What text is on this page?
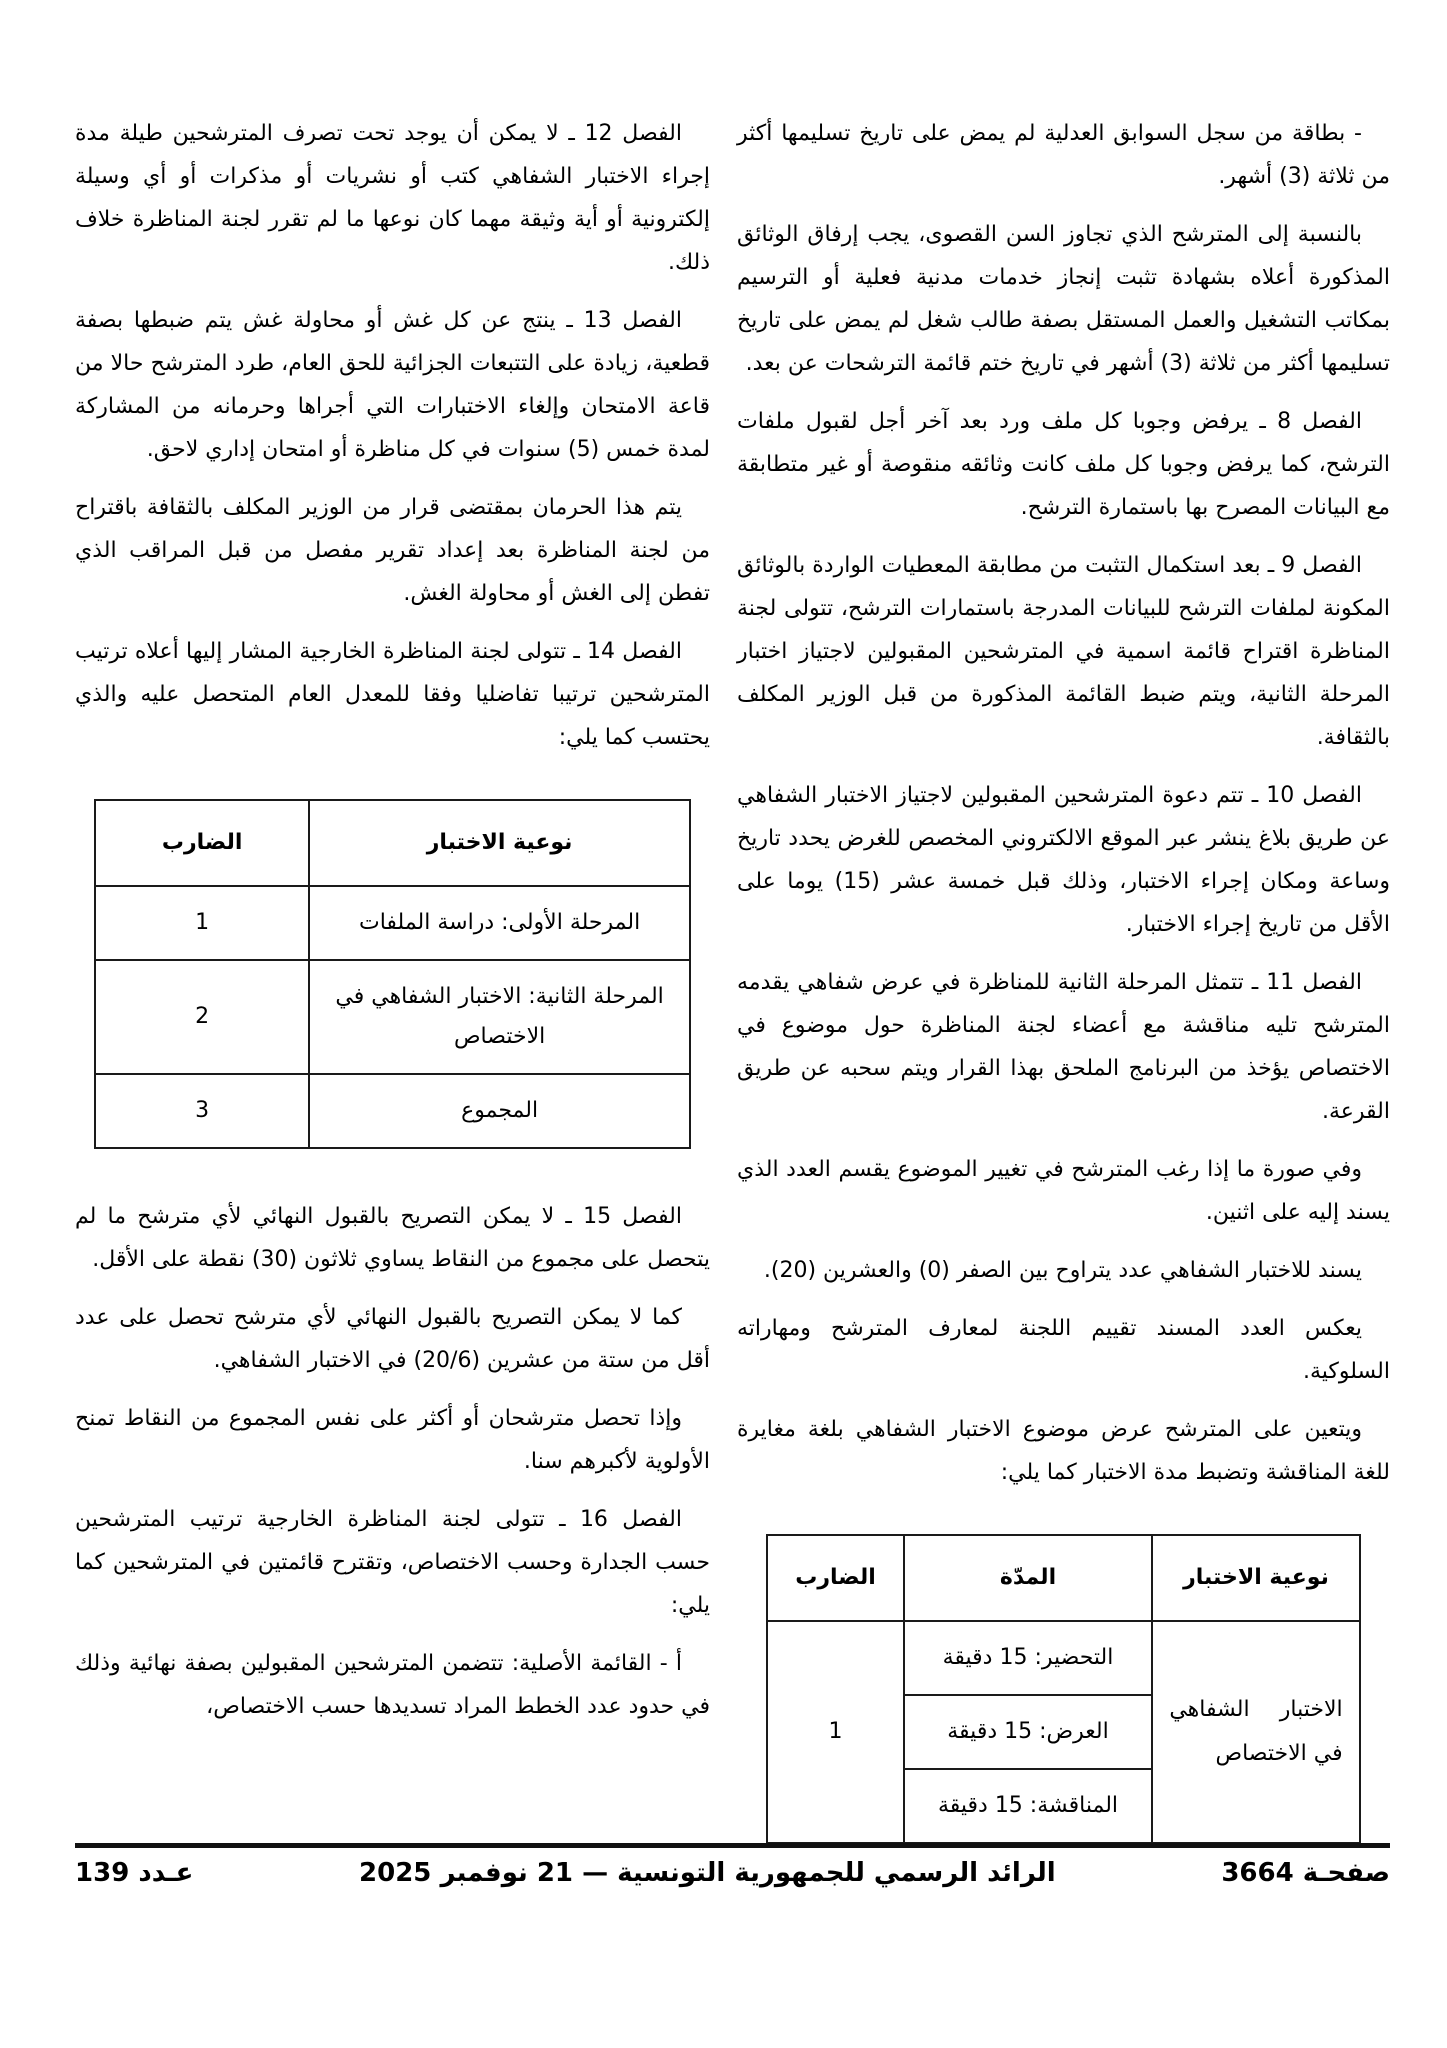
- بطاقة من سجل السوابق العدلية لم يمض على تاريخ تسليمها أكثر من ثلاثة (3) أشهر.

بالنسبة إلى المترشح الذي تجاوز السن القصوى، يجب إرفاق الوثائق المذكورة أعلاه بشهادة تثبت إنجاز خدمات مدنية فعلية أو الترسيم بمكاتب التشغيل والعمل المستقل بصفة طالب شغل لم يمض على تاريخ تسليمها أكثر من ثلاثة (3) أشهر في تاريخ ختم قائمة الترشحات عن بعد.

الفصل 8 ـ يرفض وجوبا كل ملف ورد بعد آخر أجل لقبول ملفات الترشح، كما يرفض وجوبا كل ملف كانت وثائقه منقوصة أو غير متطابقة مع البيانات المصرح بها باستمارة الترشح.

الفصل 9 ـ بعد استكمال التثبت من مطابقة المعطيات الواردة بالوثائق المكونة لملفات الترشح للبيانات المدرجة باستمارات الترشح، تتولى لجنة المناظرة اقتراح قائمة اسمية في المترشحين المقبولين لاجتياز اختبار المرحلة الثانية، ويتم ضبط القائمة المذكورة من قبل الوزير المكلف بالثقافة.

الفصل 10 ـ تتم دعوة المترشحين المقبولين لاجتياز الاختبار الشفاهي عن طريق بلاغ ينشر عبر الموقع الالكتروني المخصص للغرض يحدد تاريخ وساعة ومكان إجراء الاختبار، وذلك قبل خمسة عشر (15) يوما على الأقل من تاريخ إجراء الاختبار.

الفصل 11 ـ تتمثل المرحلة الثانية للمناظرة في عرض شفاهي يقدمه المترشح تليه مناقشة مع أعضاء لجنة المناظرة حول موضوع في الاختصاص يؤخذ من البرنامج الملحق بهذا القرار ويتم سحبه عن طريق القرعة.

وفي صورة ما إذا رغب المترشح في تغيير الموضوع يقسم العدد الذي يسند إليه على اثنين.

يسند للاختبار الشفاهي عدد يتراوح بين الصفر (0) والعشرين (20).

يعكس العدد المسند تقييم اللجنة لمعارف المترشح ومهاراته السلوكية.

ويتعين على المترشح عرض موضوع الاختبار الشفاهي بلغة مغايرة للغة المناقشة وتضبط مدة الاختبار كما يلي:

نوعية الاختبار	المدّة	الضارب
الاختبار الشفاهي في الاختصاص	التحضير: 15 دقيقة	1
	العرض: 15 دقيقة	
	المناقشة: 15 دقيقة	

الفصل 12 ـ لا يمكن أن يوجد تحت تصرف المترشحين طيلة مدة إجراء الاختبار الشفاهي كتب أو نشريات أو مذكرات أو أي وسيلة إلكترونية أو أية وثيقة مهما كان نوعها ما لم تقرر لجنة المناظرة خلاف ذلك.

الفصل 13 ـ ينتج عن كل غش أو محاولة غش يتم ضبطها بصفة قطعية، زيادة على التتبعات الجزائية للحق العام، طرد المترشح حالا من قاعة الامتحان وإلغاء الاختبارات التي أجراها وحرمانه من المشاركة لمدة خمس (5) سنوات في كل مناظرة أو امتحان إداري لاحق.

يتم هذا الحرمان بمقتضى قرار من الوزير المكلف بالثقافة باقتراح من لجنة المناظرة بعد إعداد تقرير مفصل من قبل المراقب الذي تفطن إلى الغش أو محاولة الغش.

الفصل 14 ـ تتولى لجنة المناظرة الخارجية المشار إليها أعلاه ترتيب المترشحين ترتيبا تفاضليا وفقا للمعدل العام المتحصل عليه والذي يحتسب كما يلي:

نوعية الاختبار	الضارب
المرحلة الأولى: دراسة الملفات	1
المرحلة الثانية: الاختبار الشفاهي في الاختصاص	2
المجموع	3

الفصل 15 ـ لا يمكن التصريح بالقبول النهائي لأي مترشح ما لم يتحصل على مجموع من النقاط يساوي ثلاثون (30) نقطة على الأقل.

كما لا يمكن التصريح بالقبول النهائي لأي مترشح تحصل على عدد أقل من ستة من عشرين (20/6) في الاختبار الشفاهي.

وإذا تحصل مترشحان أو أكثر على نفس المجموع من النقاط تمنح الأولوية لأكبرهم سنا.

الفصل 16 ـ تتولى لجنة المناظرة الخارجية ترتيب المترشحين حسب الجدارة وحسب الاختصاص، وتقترح قائمتين في المترشحين كما يلي:

أ - القائمة الأصلية: تتضمن المترشحين المقبولين بصفة نهائية وذلك في حدود عدد الخطط المراد تسديدها حسب الاختصاص،

صفحـة 3664
الرائد الرسمي للجمهورية التونسية — 21 نوفمبر 2025
عـدد 139
